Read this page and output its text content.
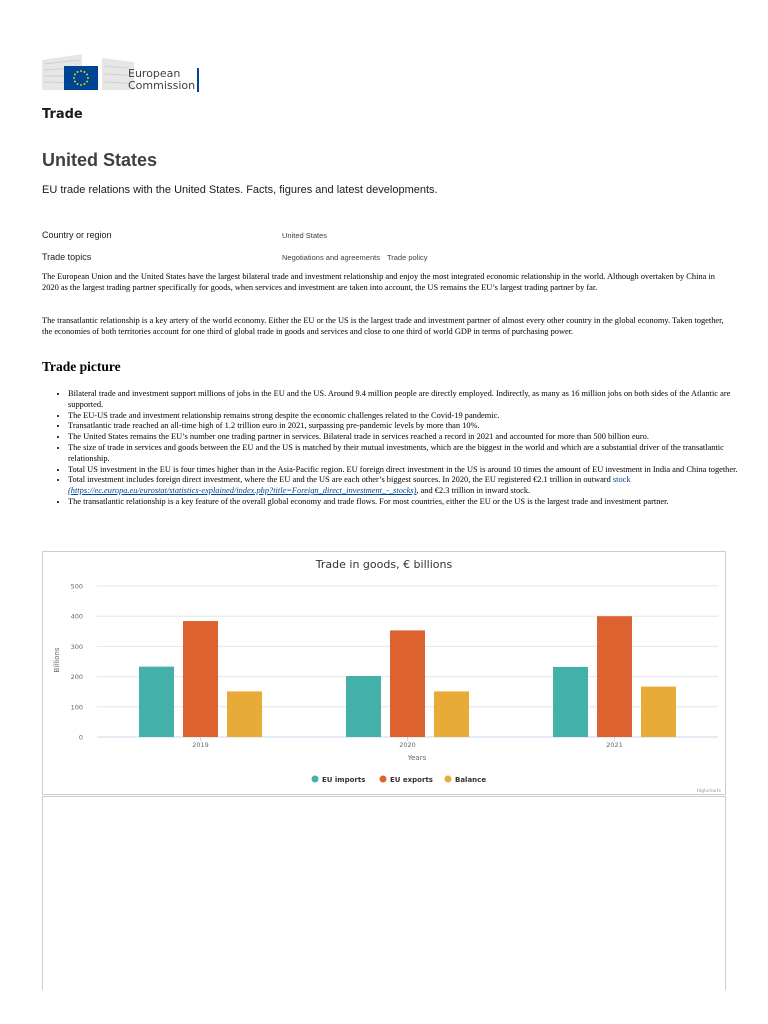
European
Commission
Trade
United States
EU trade relations with the United States. Facts, figures and latest developments.
Country or region	United States
Trade topics	Negotiations and agreements Trade policy

The European Union and the United States have the largest bilateral trade and investment relationship and enjoy the most integrated economic relationship in the world. Although overtaken by China in 2020 as the largest trading partner specifically for goods, when services and investment are taken into account, the US remains the EU’s largest trading partner by far.

The transatlantic relationship is a key artery of the world economy. Either the EU or the US is the largest trade and investment partner of almost every other country in the global economy. Taken together, the economies of both territories account for one third of global trade in goods and services and close to one third of world GDP in terms of purchasing power.

Trade picture
• Bilateral trade and investment support millions of jobs in the EU and the US. Around 9.4 million people are directly employed. Indirectly, as many as 16 million jobs on both sides of the Atlantic are supported.
• The EU-US trade and investment relationship remains strong despite the economic challenges related to the Covid-19 pandemic.
• Transatlantic trade reached an all-time high of 1.2 trillion euro in 2021, surpassing pre-pandemic levels by more than 10%.
• The United States remains the EU’s number one trading partner in services. Bilateral trade in services reached a record in 2021 and accounted for more than 500 billion euro.
• The size of trade in services and goods between the EU and the US is matched by their mutual investments, which are the biggest in the world and which are a substantial driver of the transatlantic relationship.
• Total US investment in the EU is four times higher than in the Asia-Pacific region. EU foreign direct investment in the US is around 10 times the amount of EU investment in India and China together.
• Total investment includes foreign direct investment, where the EU and the US are each other’s biggest sources. In 2020, the EU registered €2.1 trillion in outward stock (https://ec.europa.eu/eurostat/statistics-explained/index.php?title=Foreign_direct_investment_-_stocks), and €2.3 trillion in inward stock.
• The transatlantic relationship is a key feature of the overall global economy and trade flows. For most countries, either the EU or the US is the largest trade and investment partner.
Trade in goods, € billions
0
100
200
300
400
500
2019	2020	2021
Years
Billions
EU imports	EU exports	Balance
Highcharts
